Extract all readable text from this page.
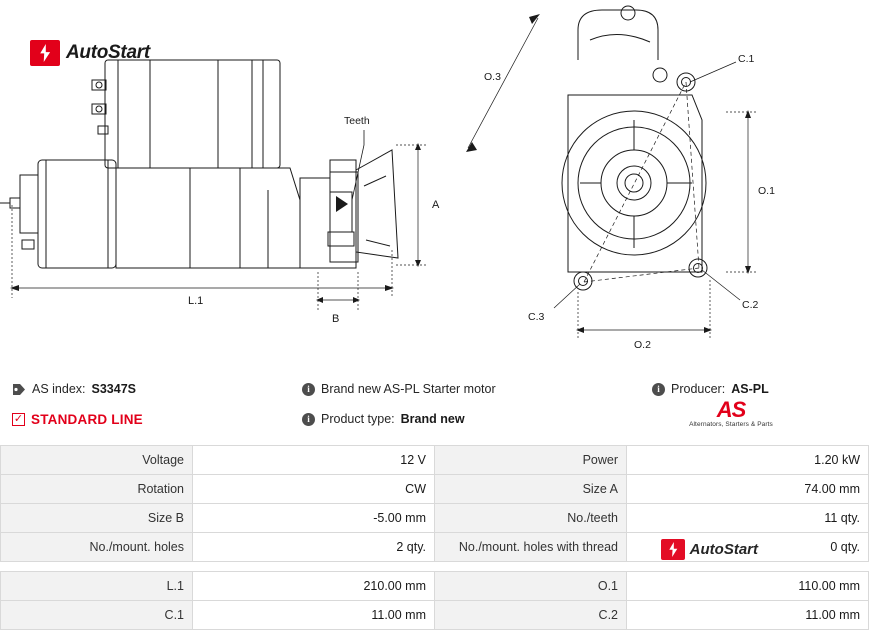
Teeth
A
B
L.1
AutoStart
O.3
O.2
O.1
C.1
C.2
C.3
AS index: S3347S	i Brand new AS-PL Starter motor	i Producer: AS-PL
✓ STANDARD LINE	i Product type: Brand new	AS
Alternators, Starters & Parts
Voltage	12 V	Power	1.20 kW
Rotation	CW	Size A	74.00 mm
Size B	-5.00 mm	No./teeth	11 qty.
No./mount. holes	2 qty.	No./mount. holes with thread	0 qty.

L.1	210.00 mm	O.1	110.00 mm
C.1	11.00 mm	C.2	11.00 mm
AutoStart
